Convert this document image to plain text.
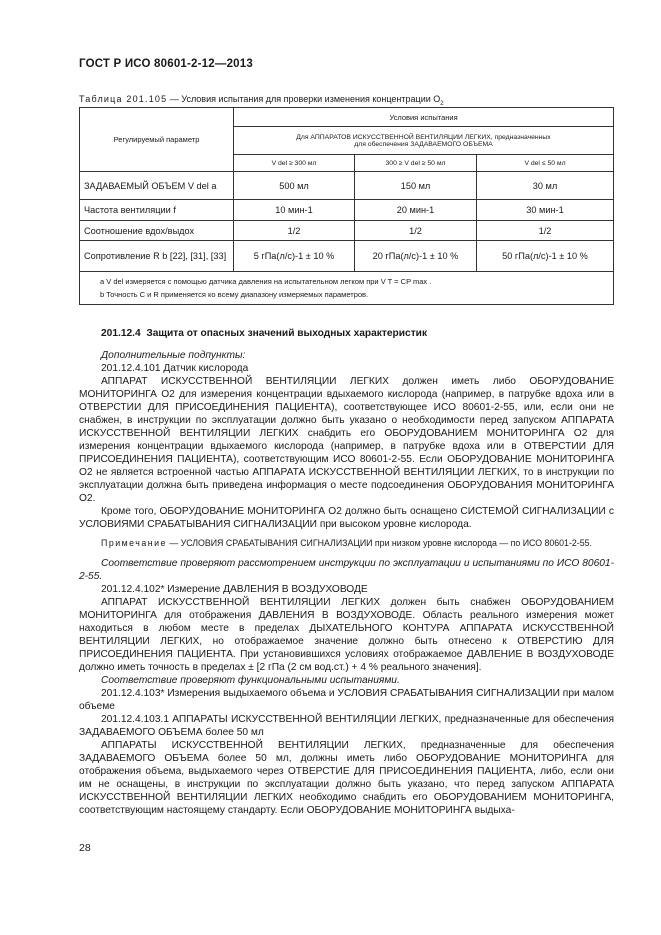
ГОСТ Р ИСО 80601-2-12—2013
Таблица 201.105 — Условия испытания для проверки изменения концентрации $O_2$
Регулируемый параметр	Условия испытания		

	Для АППАРАТОВ ИСКУССТВЕННОЙ ВЕНТИЛЯЦИИ ЛЕГКИХ, предназначенных
для обеспечения ЗАДАВАЕМОГО ОБЪЕМА		

	V del ≥ 300 мл	300 ≥ V del ≥ 50 мл	V del ≤ 50 мл
ЗАДАВАЕМЫЙ ОБЪЕМ V del a	500 мл	150 мл	30 мл
Частота вентиляции f	10 мин-1	20 мин-1	30 мин-1
Соотношение вдох/выдох	1/2	1/2	1/2
Сопротивление R b [22], [31], [33]	5 гПа(л/с)-1 ± 10 %	20 гПа(л/с)-1 ± 10 %	50 гПа(л/с)-1 ± 10 %

a V del измеряется с помощью датчика давления на испытательном легком при V T = CP max .
b Точность C и R применяется ко всему диапазону измеряемых параметров.			

201.12.4 Защита от опасных значений выходных характеристик

Дополнительные подпункты:

201.12.4.101 Датчик кислорода

АППАРАТ ИСКУССТВЕННОЙ ВЕНТИЛЯЦИИ ЛЕГКИХ должен иметь либо ОБОРУДОВАНИЕ МОНИТОРИНГА O2 для измерения концентрации вдыхаемого кислорода (например, в патрубке вдоха или в ОТВЕРСТИИ ДЛЯ ПРИСОЕДИНЕНИЯ ПАЦИЕНТА), соответствующее ИСО 80601-2-55, или, если они не снабжен, в инструкции по эксплуатации должно быть указано о необходимости перед запуском АППАРАТА ИСКУССТВЕННОЙ ВЕНТИЛЯЦИИ ЛЕГКИХ снабдить его ОБОРУДОВАНИЕМ МОНИТОРИНГА O2 для измерения концентрации вдыхаемого кислорода (например, в патрубке вдоха или в ОТВЕРСТИИ ДЛЯ ПРИСОЕДИНЕНИЯ ПАЦИЕНТА), соответствующим ИСО 80601-2-55. Если ОБОРУДОВАНИЕ МОНИТОРИНГА O2 не является встроенной частью АППАРАТА ИСКУССТВЕННОЙ ВЕНТИЛЯЦИИ ЛЕГКИХ, то в инструкции по эксплуатации должна быть приведена информация о месте подсоединения ОБОРУДОВАНИЯ МОНИТОРИНГА O2.

Кроме того, ОБОРУДОВАНИЕ МОНИТОРИНГА O2 должно быть оснащено СИСТЕМОЙ СИГНАЛИЗАЦИИ с УСЛОВИЯМИ СРАБАТЫВАНИЯ СИГНАЛИЗАЦИИ при высоком уровне кислорода.

Примечание — УСЛОВИЯ СРАБАТЫВАНИЯ СИГНАЛИЗАЦИИ при низком уровне кислорода — по ИСО 80601-2-55.

Соответствие проверяют рассмотрением инструкции по эксплуатации и испытаниями по ИСО 80601-2-55.

201.12.4.102* Измерение ДАВЛЕНИЯ В ВОЗДУХОВОДЕ

АППАРАТ ИСКУССТВЕННОЙ ВЕНТИЛЯЦИИ ЛЕГКИХ должен быть снабжен ОБОРУДОВАНИЕМ МОНИТОРИНГА для отображения ДАВЛЕНИЯ В ВОЗДУХОВОДЕ. Область реального измерения может находиться в любом месте в пределах ДЫХАТЕЛЬНОГО КОНТУРА АППАРАТА ИСКУССТВЕННОЙ ВЕНТИЛЯЦИИ ЛЕГКИХ, но отображаемое значение должно быть отнесено к ОТВЕРСТИЮ ДЛЯ ПРИСОЕДИНЕНИЯ ПАЦИЕНТА. При установившихся условиях отображаемое ДАВЛЕНИЕ В ВОЗДУХОВОДЕ должно иметь точность в пределах ± [2 гПа (2 см вод.ст.) + 4 % реального значения].

Соответствие проверяют функциональными испытаниями.

201.12.4.103* Измерения выдыхаемого объема и УСЛОВИЯ СРАБАТЫВАНИЯ СИГНАЛИЗАЦИИ при малом объеме

201.12.4.103.1 АППАРАТЫ ИСКУССТВЕННОЙ ВЕНТИЛЯЦИИ ЛЕГКИХ, предназначенные для обеспечения ЗАДАВАЕМОГО ОБЪЕМА более 50 мл

АППАРАТЫ ИСКУССТВЕННОЙ ВЕНТИЛЯЦИИ ЛЕГКИХ, предназначенные для обеспечения ЗАДАВАЕМОГО ОБЪЕМА более 50 мл, должны иметь либо ОБОРУДОВАНИЕ МОНИТОРИНГА для отображения объема, выдыхаемого через ОТВЕРСТИЕ ДЛЯ ПРИСОЕДИНЕНИЯ ПАЦИЕНТА, либо, если они им не оснащены, в инструкции по эксплуатации должно быть указано, что перед запуском АППАРАТА ИСКУССТВЕННОЙ ВЕНТИЛЯЦИИ ЛЕГКИХ необходимо снабдить его ОБОРУДОВАНИЕМ МОНИТОРИНГА, соответствующим настоящему стандарту. Если ОБОРУДОВАНИЕ МОНИТОРИНГА выдыха-

28
